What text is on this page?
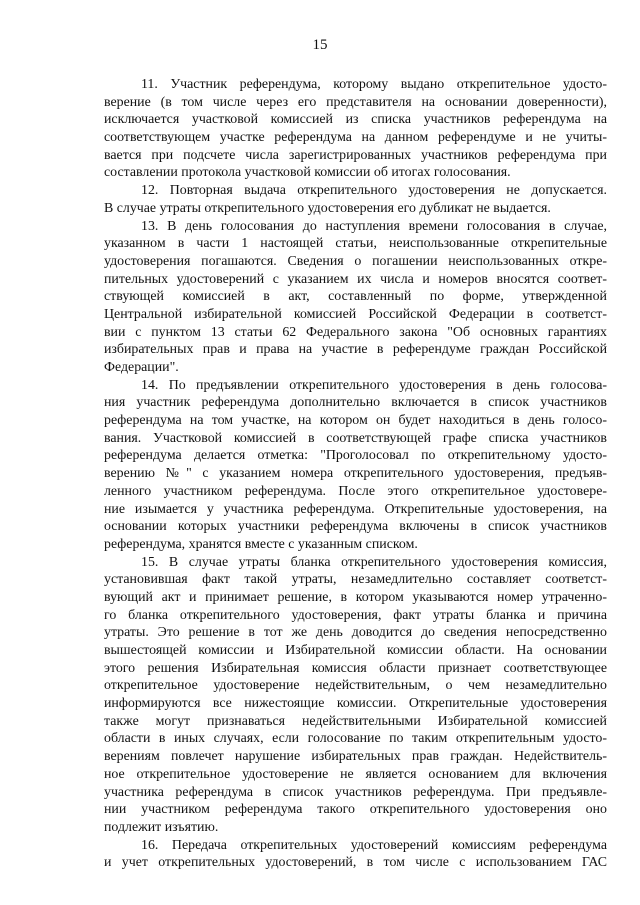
15
11. Участник референдума, которому выдано открепительное удосто-
верение (в том числе через его представителя на основании доверенности),
исключается участковой комиссией из списка участников референдума на
соответствующем участке референдума на данном референдуме и не учиты-
вается при подсчете числа зарегистрированных участников референдума при
составлении протокола участковой комиссии об итогах голосования.
12. Повторная выдача открепительного удостоверения не допускается.
В случае утраты открепительного удостоверения его дубликат не выдается.
13. В день голосования до наступления времени голосования в случае,
указанном в части 1 настоящей статьи, неиспользованные открепительные
удостоверения погашаются. Сведения о погашении неиспользованных откре-
пительных удостоверений с указанием их числа и номеров вносятся соответ-
ствующей комиссией в акт, составленный по форме, утвержденной
Центральной избирательной комиссией Российской Федерации в соответст-
вии с пунктом 13 статьи 62 Федерального закона "Об основных гарантиях
избирательных прав и права на участие в референдуме граждан Российской
Федерации".
14. По предъявлении открепительного удостоверения в день голосова-
ния участник референдума дополнительно включается в список участников
референдума на том участке, на котором он будет находиться в день голосо-
вания. Участковой комиссией в соответствующей графе списка участников
референдума делается отметка: "Проголосовал по открепительному удосто-
верению №" с указанием номера открепительного удостоверения, предъяв-
ленного участником референдума. После этого открепительное удостовере-
ние изымается у участника референдума. Открепительные удостоверения, на
основании которых участники референдума включены в список участников
референдума, хранятся вместе с указанным списком.
15. В случае утраты бланка открепительного удостоверения комиссия,
установившая факт такой утраты, незамедлительно составляет соответст-
вующий акт и принимает решение, в котором указываются номер утраченно-
го бланка открепительного удостоверения, факт утраты бланка и причина
утраты. Это решение в тот же день доводится до сведения непосредственно
вышестоящей комиссии и Избирательной комиссии области. На основании
этого решения Избирательная комиссия области признает соответствующее
открепительное удостоверение недействительным, о чем незамедлительно
информируются все нижестоящие комиссии. Открепительные удостоверения
также могут признаваться недействительными Избирательной комиссией
области в иных случаях, если голосование по таким открепительным удосто-
верениям повлечет нарушение избирательных прав граждан. Недействитель-
ное открепительное удостоверение не является основанием для включения
участника референдума в список участников референдума. При предъявле-
нии участником референдума такого открепительного удостоверения оно
подлежит изъятию.
16. Передача открепительных удостоверений комиссиям референдума
и учет открепительных удостоверений, в том числе с использованием ГАС
